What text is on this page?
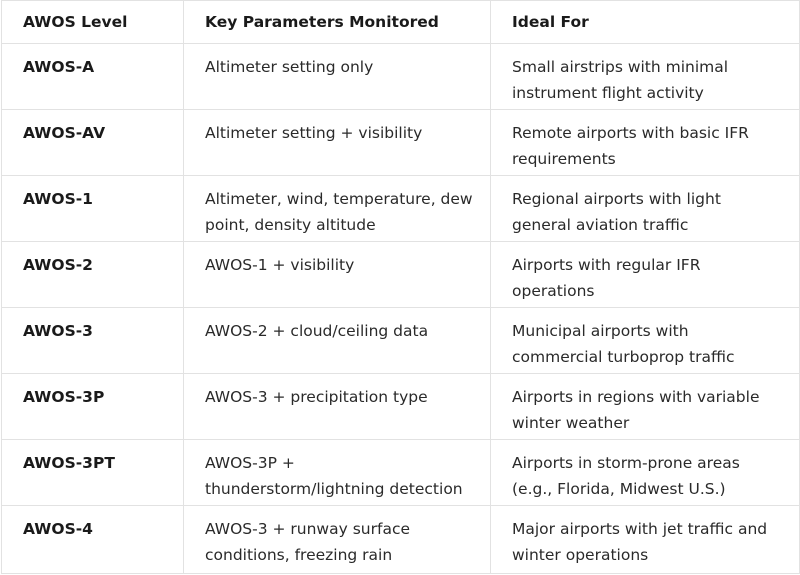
AWOS Level	Key Parameters Monitored	Ideal For
AWOS-A	Altimeter setting only	Small airstrips with minimal instrument flight activity
AWOS-AV	Altimeter setting + visibility	Remote airports with basic IFR requirements
AWOS-1	Altimeter, wind, temperature, dew point, density altitude	Regional airports with light general aviation traffic
AWOS-2	AWOS-1 + visibility	Airports with regular IFR operations
AWOS-3	AWOS-2 + cloud/ceiling data	Municipal airports with commercial turboprop traffic
AWOS-3P	AWOS-3 + precipitation type	Airports in regions with variable winter weather
AWOS-3PT	AWOS-3P + thunderstorm/lightning detection	Airports in storm-prone areas (e.g., Florida, Midwest U.S.)
AWOS-4	AWOS-3 + runway surface conditions, freezing rain	Major airports with jet traffic and winter operations
